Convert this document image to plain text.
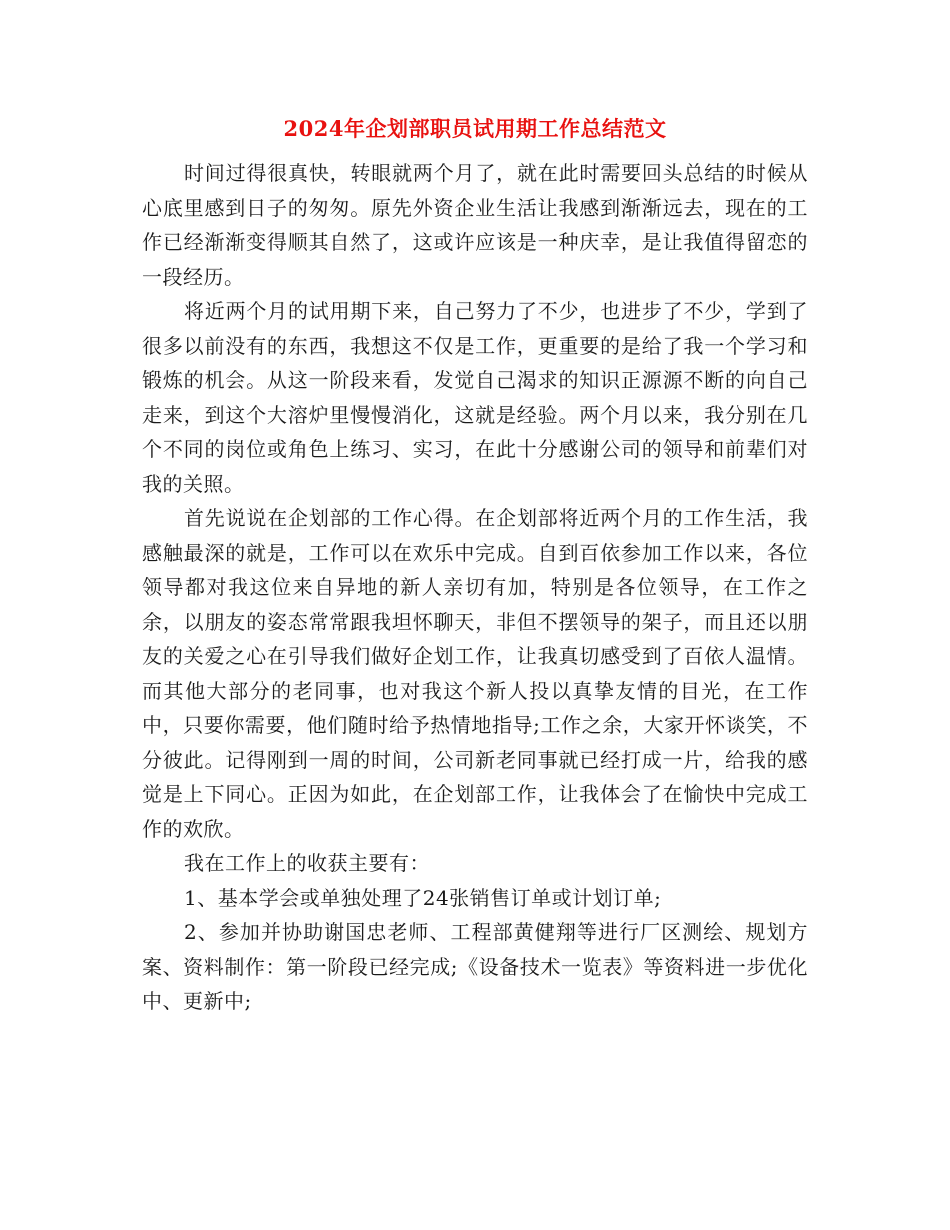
2024年企划部职员试用期工作总结范文

时间过得很真快，转眼就两个月了，就在此时需要回头总结的时候从心底里感到日子的匆匆。原先外资企业生活让我感到渐渐远去，现在的工作已经渐渐变得顺其自然了，这或许应该是一种庆幸，是让我值得留恋的一段经历。

将近两个月的试用期下来，自己努力了不少，也进步了不少，学到了很多以前没有的东西，我想这不仅是工作，更重要的是给了我一个学习和锻炼的机会。从这一阶段来看，发觉自己渴求的知识正源源不断的向自己走来，到这个大溶炉里慢慢消化，这就是经验。两个月以来，我分别在几个不同的岗位或角色上练习、实习，在此十分感谢公司的领导和前辈们对我的关照。

首先说说在企划部的工作心得。在企划部将近两个月的工作生活，我感触最深的就是，工作可以在欢乐中完成。自到百依参加工作以来，各位领导都对我这位来自异地的新人亲切有加，特别是各位领导，在工作之余，以朋友的姿态常常跟我坦怀聊天，非但不摆领导的架子，而且还以朋友的关爱之心在引导我们做好企划工作，让我真切感受到了百依人温情。而其他大部分的老同事，也对我这个新人投以真挚友情的目光，在工作中，只要你需要，他们随时给予热情地指导;工作之余，大家开怀谈笑，不分彼此。记得刚到一周的时间，公司新老同事就已经打成一片，给我的感觉是上下同心。正因为如此，在企划部工作，让我体会了在愉快中完成工作的欢欣。

我在工作上的收获主要有：

1、基本学会或单独处理了24张销售订单或计划订单;

2、参加并协助谢国忠老师、工程部黄健翔等进行厂区测绘、规划方案、资料制作：第一阶段已经完成;《设备技术一览表》等资料进一步优化中、更新中;
